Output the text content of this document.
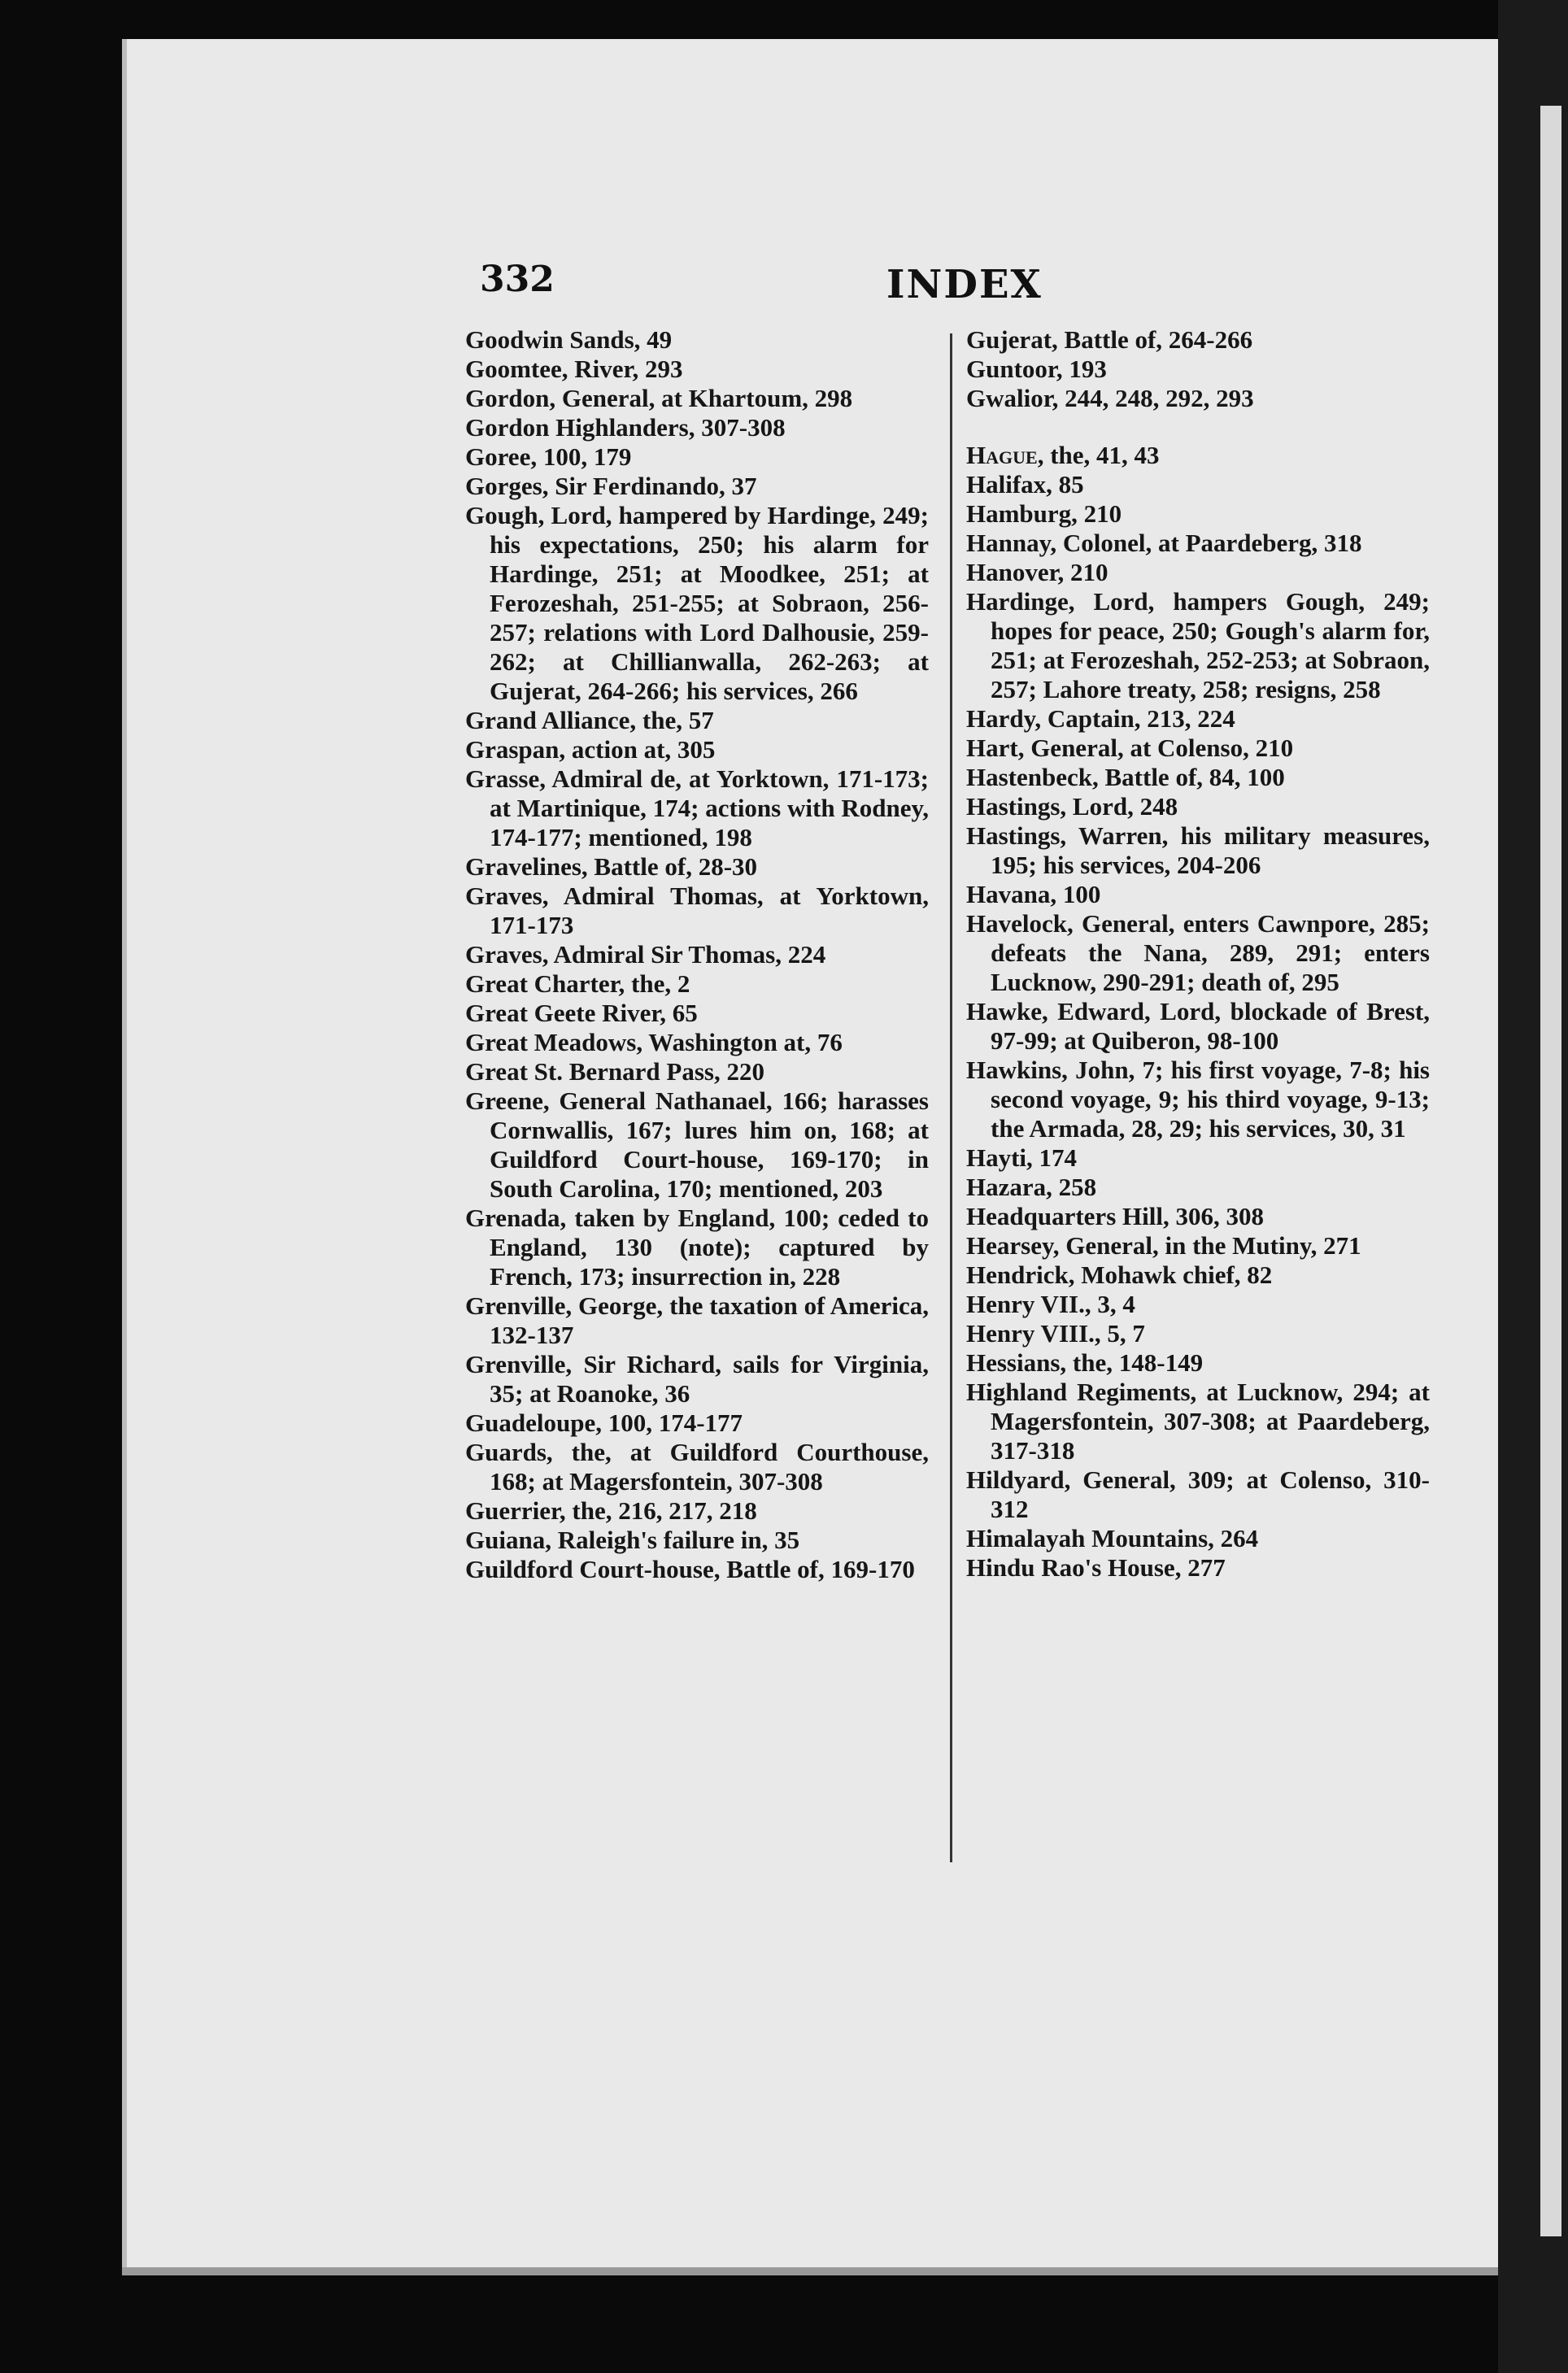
332	INDEX

Goodwin Sands, 49

Goomtee, River, 293

Gordon, General, at Khartoum, 298

Gordon Highlanders, 307-308

Goree, 100, 179

Gorges, Sir Ferdinando, 37

Gough, Lord, hampered by Hardinge, 249; his expectations, 250; his alarm for Hardinge, 251; at Moodkee, 251; at Ferozeshah, 251-255; at Sobraon, 256-257; relations with Lord Dalhousie, 259-262; at Chillianwalla, 262-263; at Gujerat, 264-266; his services, 266

Grand Alliance, the, 57

Graspan, action at, 305

Grasse, Admiral de, at Yorktown, 171-173; at Martinique, 174; actions with Rodney, 174-177; mentioned, 198

Gravelines, Battle of, 28-30

Graves, Admiral Thomas, at Yorktown, 171-173

Graves, Admiral Sir Thomas, 224

Great Charter, the, 2

Great Geete River, 65

Great Meadows, Washington at, 76

Great St. Bernard Pass, 220

Greene, General Nathanael, 166; harasses Cornwallis, 167; lures him on, 168; at Guildford Court-house, 169-170; in South Carolina, 170; mentioned, 203

Grenada, taken by England, 100; ceded to England, 130 (note); captured by French, 173; insurrection in, 228

Grenville, George, the taxation of America, 132-137

Grenville, Sir Richard, sails for Virginia, 35; at Roanoke, 36

Guadeloupe, 100, 174-177

Guards, the, at Guildford Courthouse, 168; at Magersfontein, 307-308

Guerrier, the, 216, 217, 218

Guiana, Raleigh's failure in, 35

Guildford Court-house, Battle of, 169-170

Gujerat, Battle of, 264-266

Guntoor, 193

Gwalior, 244, 248, 292, 293

Hague, the, 41, 43

Halifax, 85

Hamburg, 210

Hannay, Colonel, at Paardeberg, 318

Hanover, 210

Hardinge, Lord, hampers Gough, 249; hopes for peace, 250; Gough's alarm for, 251; at Ferozeshah, 252-253; at Sobraon, 257; Lahore treaty, 258; resigns, 258

Hardy, Captain, 213, 224

Hart, General, at Colenso, 210

Hastenbeck, Battle of, 84, 100

Hastings, Lord, 248

Hastings, Warren, his military measures, 195; his services, 204-206

Havana, 100

Havelock, General, enters Cawnpore, 285; defeats the Nana, 289, 291; enters Lucknow, 290-291; death of, 295

Hawke, Edward, Lord, blockade of Brest, 97-99; at Quiberon, 98-100

Hawkins, John, 7; his first voyage, 7-8; his second voyage, 9; his third voyage, 9-13; the Armada, 28, 29; his services, 30, 31

Hayti, 174

Hazara, 258

Headquarters Hill, 306, 308

Hearsey, General, in the Mutiny, 271

Hendrick, Mohawk chief, 82

Henry VII., 3, 4

Henry VIII., 5, 7

Hessians, the, 148-149

Highland Regiments, at Lucknow, 294; at Magersfontein, 307-308; at Paardeberg, 317-318

Hildyard, General, 309; at Colenso, 310-312

Himalayah Mountains, 264

Hindu Rao's House, 277
